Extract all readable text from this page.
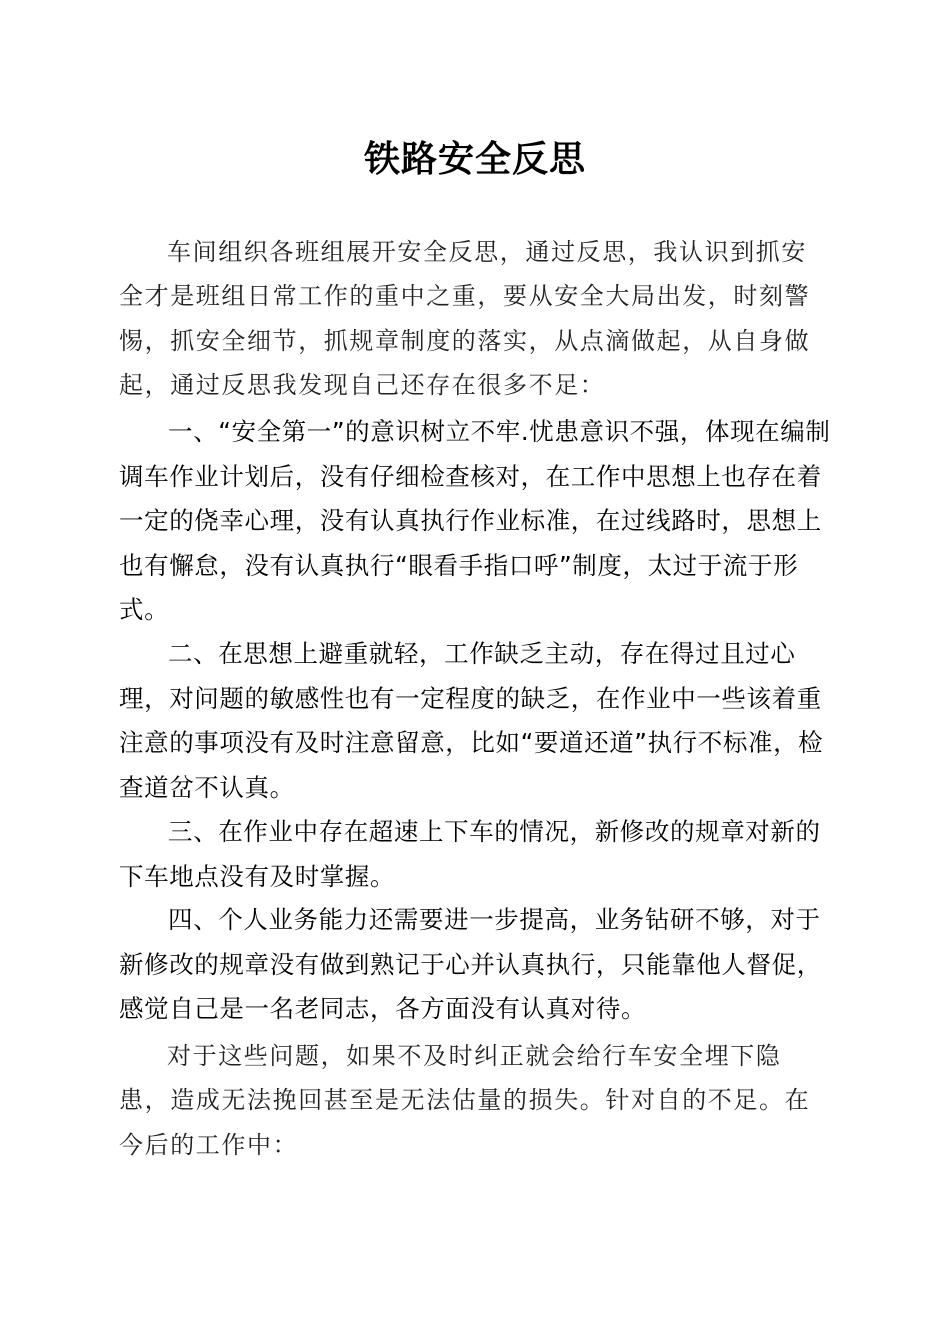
铁路安全反思

车间组织各班组展开安全反思，通过反思，我认识到抓安全才是班组日常工作的重中之重，要从安全大局出发，时刻警惕，抓安全细节，抓规章制度的落实，从点滴做起，从自身做起，通过反思我发现自己还存在很多不足：

一、“安全第一”的意识树立不牢.忧患意识不强，体现在编制调车作业计划后，没有仔细检查核对，在工作中思想上也存在着一定的侥幸心理，没有认真执行作业标准，在过线路时，思想上也有懈怠，没有认真执行“眼看手指口呼”制度，太过于流于形式。

二、在思想上避重就轻，工作缺乏主动，存在得过且过心理，对问题的敏感性也有一定程度的缺乏，在作业中一些该着重注意的事项没有及时注意留意，比如“要道还道”执行不标准，检查道岔不认真。

三、在作业中存在超速上下车的情况，新修改的规章对新的下车地点没有及时掌握。

四、个人业务能力还需要进一步提高，业务钻研不够，对于新修改的规章没有做到熟记于心并认真执行，只能靠他人督促，感觉自己是一名老同志，各方面没有认真对待。

对于这些问题，如果不及时纠正就会给行车安全埋下隐患，造成无法挽回甚至是无法估量的损失。针对自的不足。在今后的工作中：
